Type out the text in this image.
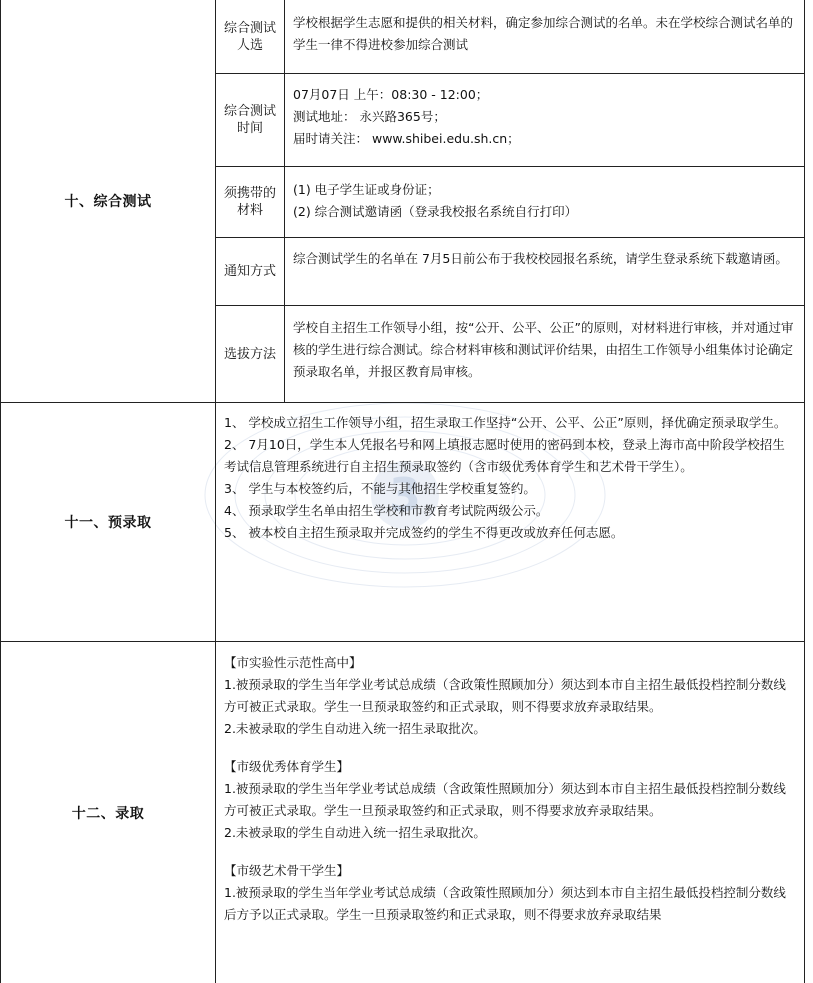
3
十、综合测试
综合测试人选

学校根据学生志愿和提供的相关材料，确定参加综合测试的名单。未在学校综合测试名单的学生一律不得进校参加综合测试

综合测试时间

07月07日 上午：08:30 - 12:00；

测试地址： 永兴路365号；

届时请关注： www.shibei.edu.sh.cn；

须携带的材料

(1) 电子学生证或身份证；

(2) 综合测试邀请函（登录我校报名系统自行打印）

通知方式

综合测试学生的名单在 7月5日前公布于我校校园报名系统，请学生登录系统下载邀请函。

选拔方法

学校自主招生工作领导小组，按“公开、公平、公正”的原则，对材料进行审核，并对通过审核的学生进行综合测试。综合材料审核和测试评价结果，由招生工作领导小组集体讨论确定预录取名单，并报区教育局审核。

十一、预录取

1、 学校成立招生工作领导小组，招生录取工作坚持“公开、公平、公正”原则，择优确定预录取学生。

2、 7月10日，学生本人凭报名号和网上填报志愿时使用的密码到本校，登录上海市高中阶段学校招生考试信息管理系统进行自主招生预录取签约（含市级优秀体育学生和艺术骨干学生）。

3、 学生与本校签约后，不能与其他招生学校重复签约。

4、 预录取学生名单由招生学校和市教育考试院两级公示。

5、 被本校自主招生预录取并完成签约的学生不得更改或放弃任何志愿。

十二、录取

【市实验性示范性高中】

1.被预录取的学生当年学业考试总成绩（含政策性照顾加分）须达到本市自主招生最低投档控制分数线方可被正式录取。学生一旦预录取签约和正式录取，则不得要求放弃录取结果。

2.未被录取的学生自动进入统一招生录取批次。

【市级优秀体育学生】

1.被预录取的学生当年学业考试总成绩（含政策性照顾加分）须达到本市自主招生最低投档控制分数线方可被正式录取。学生一旦预录取签约和正式录取，则不得要求放弃录取结果。

2.未被录取的学生自动进入统一招生录取批次。

【市级艺术骨干学生】

1.被预录取的学生当年学业考试总成绩（含政策性照顾加分）须达到本市自主招生最低投档控制分数线后方予以正式录取。学生一旦预录取签约和正式录取，则不得要求放弃录取结果
